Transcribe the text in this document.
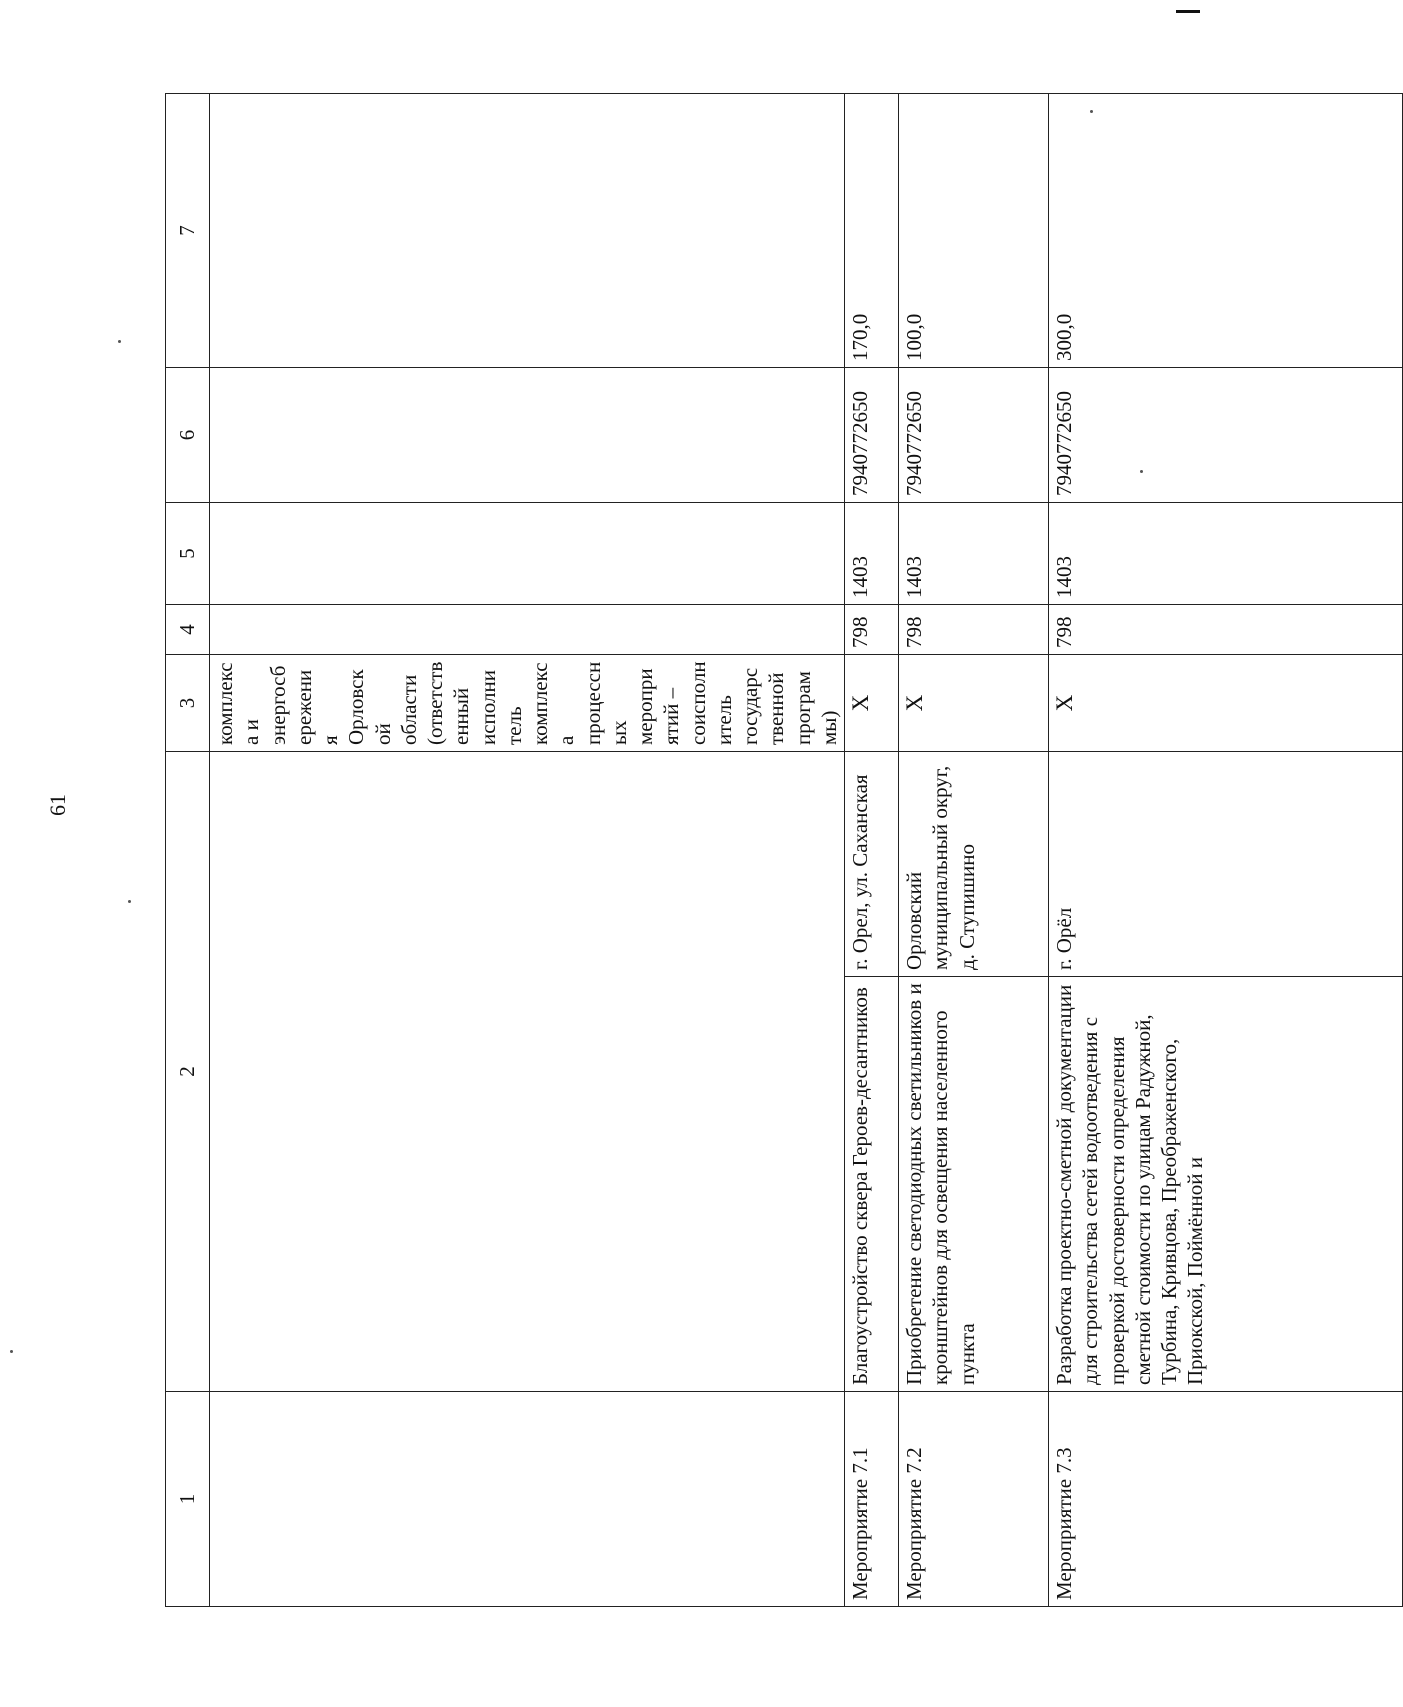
61
1	2		3	4	5	6	7
			комплекса и энергосбережения Орловской области (ответственный исполнитель комплекса процессных мероприятий – соисполнитель государственной программы)				
Мероприятие 7.1	Благоустройство сквера Героев-десантников	г. Орел, ул. Саханская	Х	798	1403	7940772650	170,0
Мероприятие 7.2	Приобретение светодиодных светильников и кронштейнов для освещения населенного пункта	Орловский муниципальный округ, д. Ступишино	Х	798	1403	7940772650	100,0
Мероприятие 7.3	Разработка проектно-сметной документации для строительства сетей водоотведения с проверкой достоверности определения сметной стоимости по улицам Радужной, Турбина, Кривцова, Преображенского, Приокской, Поймённой и	г. Орёл	Х	798	1403	7940772650	300,0
